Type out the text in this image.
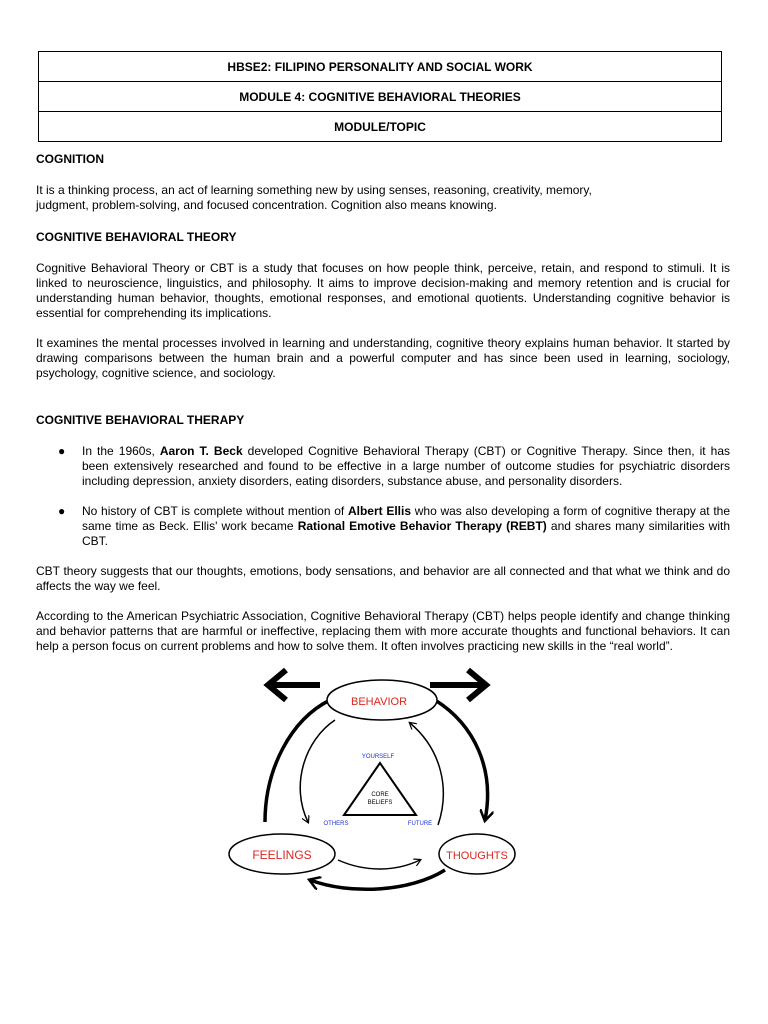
HBSE2: FILIPINO PERSONALITY AND SOCIAL WORK
MODULE 4: COGNITIVE BEHAVIORAL THEORIES
MODULE/TOPIC

COGNITION

It is a thinking process, an act of learning something new by using senses, reasoning, creativity, memory,
judgment, problem-solving, and focused concentration. Cognition also means knowing.

COGNITIVE BEHAVIORAL THEORY

Cognitive Behavioral Theory or CBT is a study that focuses on how people think, perceive, retain, and respond to stimuli. It is linked to neuroscience, linguistics, and philosophy. It aims to improve decision-making and memory retention and is crucial for understanding human behavior, thoughts, emotional responses, and emotional quotients. Understanding cognitive behavior is essential for comprehending its implications.

It examines the mental processes involved in learning and understanding, cognitive theory explains human behavior. It started by drawing comparisons between the human brain and a powerful computer and has since been used in learning, sociology, psychology, cognitive science, and sociology.

COGNITIVE BEHAVIORAL THERAPY

● In the 1960s, Aaron T. Beck developed Cognitive Behavioral Therapy (CBT) or Cognitive Therapy. Since then, it has been extensively researched and found to be effective in a large number of outcome studies for psychiatric disorders including depression, anxiety disorders, eating disorders, substance abuse, and personality disorders.
● No history of CBT is complete without mention of Albert Ellis who was also developing a form of cognitive therapy at the same time as Beck. Ellis' work became Rational Emotive Behavior Therapy (REBT) and shares many similarities with CBT.

CBT theory suggests that our thoughts, emotions, body sensations, and behavior are all connected and that what we think and do affects the way we feel.

According to the American Psychiatric Association, Cognitive Behavioral Therapy (CBT) helps people identify and change thinking and behavior patterns that are harmful or ineffective, replacing them with more accurate thoughts and functional behaviors. It can help a person focus on current problems and how to solve them. It often involves practicing new skills in the “real world”.

BEHAVIOR
FEELINGS	THOUGHTS
CORE
BELIEFS
YOURSELF
OTHERS	FUTURE
